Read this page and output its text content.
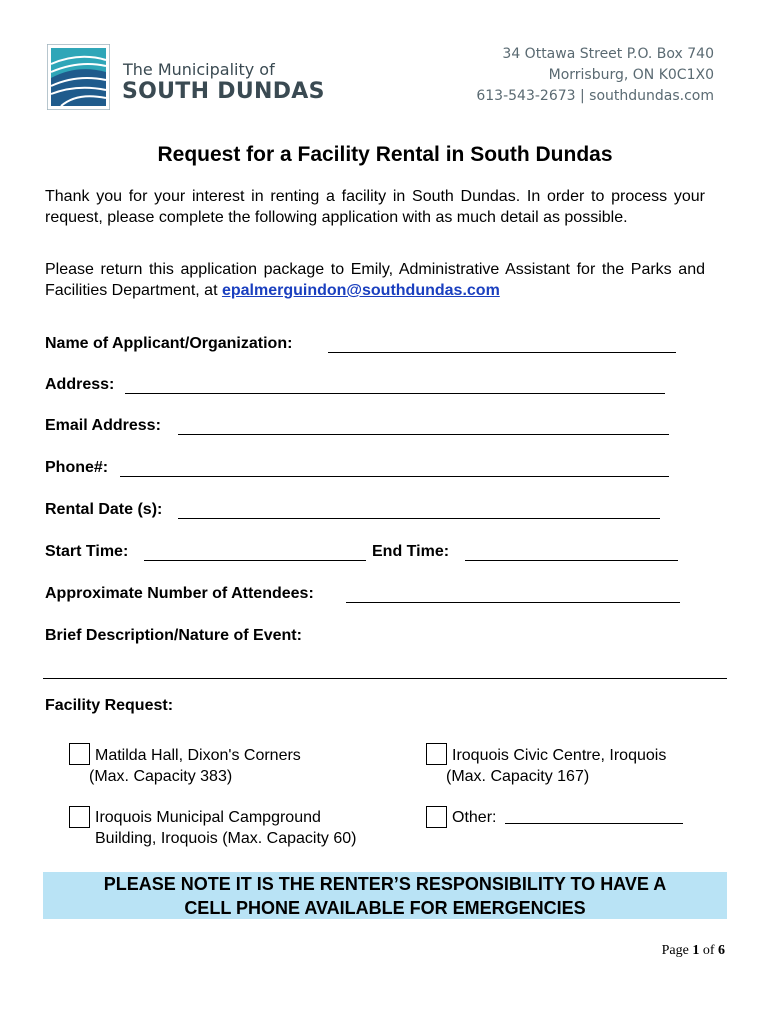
The Municipality of
SOUTH DUNDAS
34 Ottawa Street P.O. Box 740
Morrisburg, ON K0C1X0
613-543-2673 | southdundas.com
Request for a Facility Rental in South Dundas
Thank you for your interest in renting a facility in South Dundas. In order to process your request, please complete the following application with as much detail as possible.
Please return this application package to Emily, Administrative Assistant for the Parks and Facilities Department, at epalmerguindon@southdundas.com
Name of Applicant/Organization:
Address:
Email Address:
Phone#:
Rental Date (s):
Start Time:	End Time:
Approximate Number of Attendees:
Brief Description/Nature of Event:
Facility Request:
Matilda Hall, Dixon's Corners
(Max. Capacity 383)
Iroquois Civic Centre, Iroquois
(Max. Capacity 167)
Iroquois Municipal Campground
Building, Iroquois (Max. Capacity 60)
Other:
PLEASE NOTE IT IS THE RENTER’S RESPONSIBILITY TO HAVE A
CELL PHONE AVAILABLE FOR EMERGENCIES
Page 1 of 6
